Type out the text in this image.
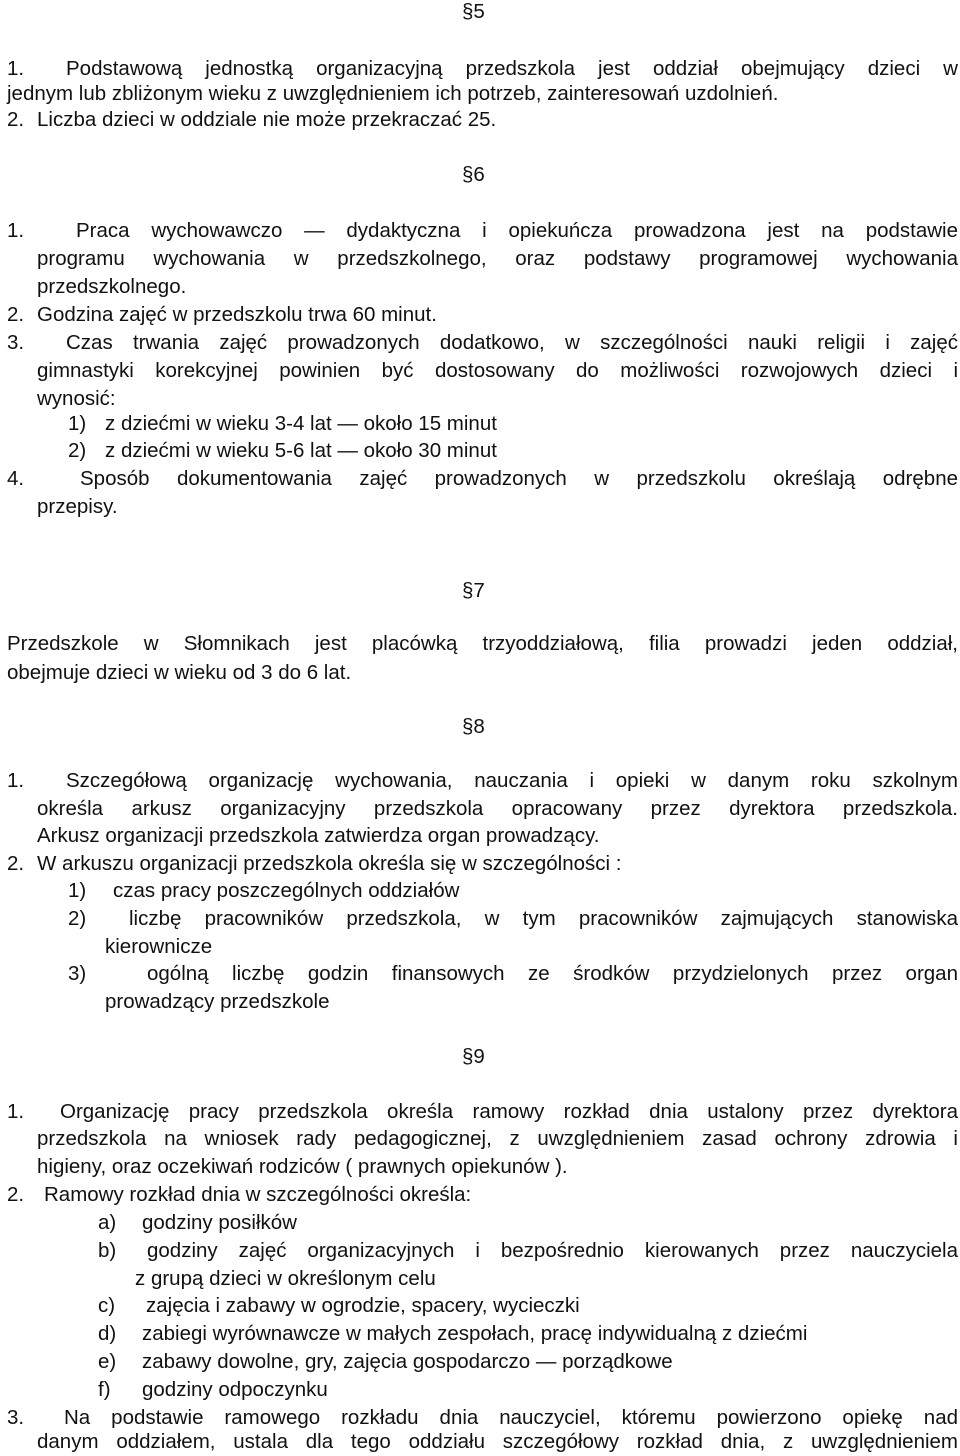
§5
1. Podstawową jednostką organizacyjną przedszkola jest oddział obejmujący dzieci w
jednym lub zbliżonym wieku z uwzględnieniem ich potrzeb, zainteresowań uzdolnień.
2. Liczba dzieci w oddziale nie może przekraczać 25.
§6
1.	Praca wychowawczo — dydaktyczna i opiekuńcza prowadzona jest na podstawie
programu wychowania w przedszkolnego, oraz podstawy programowej wychowania
przedszkolnego.
2. Godzina zajęć w przedszkolu trwa 60 minut.
3. Czas trwania zajęć prowadzonych dodatkowo, w szczególności nauki religii i zajęć
gimnastyki korekcyjnej powinien być dostosowany do możliwości rozwojowych dzieci i
wynosić:
1) z dziećmi w wieku 3-4 lat — około 15 minut
2) z dziećmi w wieku 5-6 lat — około 30 minut
4.	Sposób dokumentowania zajęć prowadzonych w przedszkolu określają odrębne
przepisy.
§7
Przedszkole w Słomnikach jest placówką trzyoddziałową, filia prowadzi jeden oddział,
obejmuje dzieci w wieku od 3 do 6 lat.
§8
1. Szczegółową organizację wychowania, nauczania i opieki w danym roku szkolnym
określa arkusz organizacyjny przedszkola opracowany przez dyrektora przedszkola.
Arkusz organizacji przedszkola zatwierdza organ prowadzący.
2. W arkuszu organizacji przedszkola określa się w szczególności :
1) czas pracy poszczególnych oddziałów
2) liczbę pracowników przedszkola, w tym pracowników zajmujących stanowiska
kierownicze
3)	ogólną liczbę godzin finansowych ze środków przydzielonych przez organ
prowadzący przedszkole
§9
1. Organizację pracy przedszkola określa ramowy rozkład dnia ustalony przez dyrektora
przedszkola na wniosek rady pedagogicznej, z uwzględnieniem zasad ochrony zdrowia i
higieny, oraz oczekiwań rodziców ( prawnych opiekunów ).
2. Ramowy rozkład dnia w szczególności określa:
a) godziny posiłków
b) godziny zajęć organizacyjnych i bezpośrednio kierowanych przez nauczyciela
z grupą dzieci w określonym celu
c) zajęcia i zabawy w ogrodzie, spacery, wycieczki
d) zabiegi wyrównawcze w małych zespołach, pracę indywidualną z dziećmi
e) zabawy dowolne, gry, zajęcia gospodarczo — porządkowe
f) godziny odpoczynku
3. Na podstawie ramowego rozkładu dnia nauczyciel, któremu powierzono opiekę nad
danym oddziałem, ustala dla tego oddziału szczegółowy rozkład dnia, z uwzględnieniem
